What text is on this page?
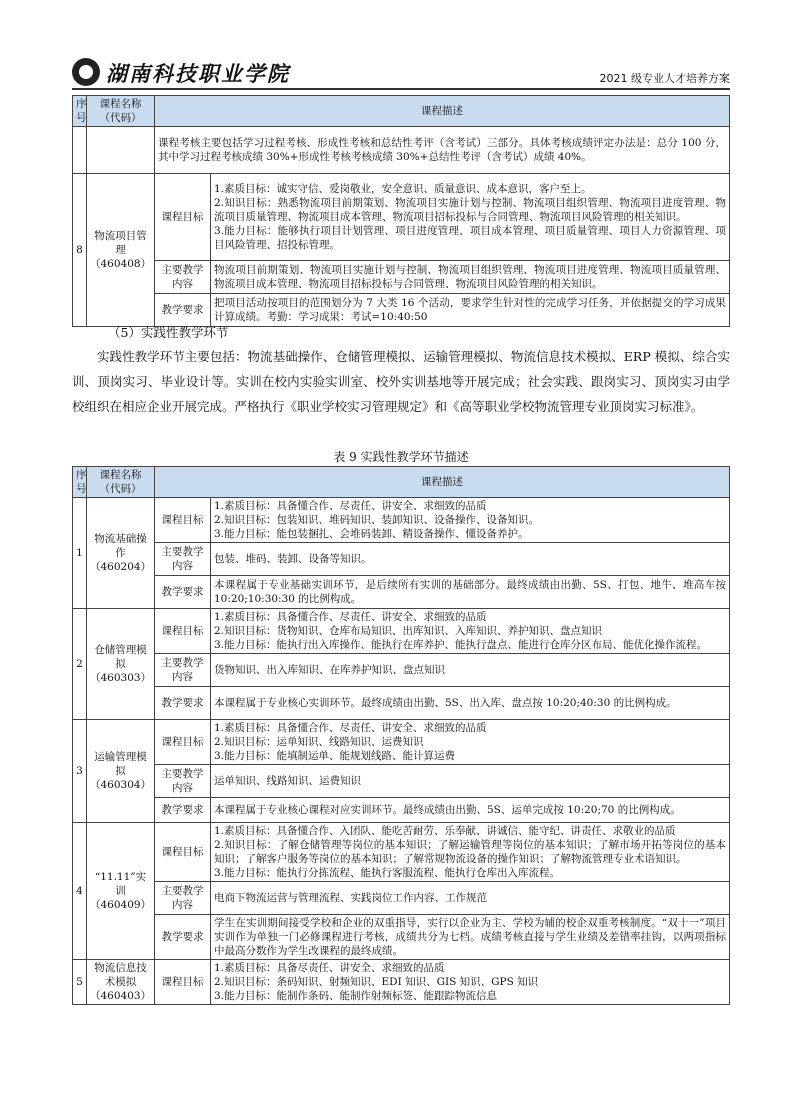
湖南科技职业学院	2021 级专业人才培养方案
序号	课程名称（代码）	课程描述	
		课程考核主要包括学习过程考核、形成性考核和总结性考评（含考试）三部分。具体考核成绩评定办法是：总分 100 分，其中学习过程考核成绩 30%+形成性考核考核成绩 30%+总结性考评（含考试）成绩 40%。	
8	物流项目管理（460408）	课程目标	1.素质目标：诚实守信、爱岗敬业，安全意识、质量意识、成本意识，客户至上。
2.知识目标：熟悉物流项目前期策划、物流项目实施计划与控制、物流项目组织管理、物流项目进度管理、物流项目质量管理、物流项目成本管理、物流项目招标投标与合同管理、物流项目风险管理的相关知识。
3.能力目标：能够执行项目计划管理、项目进度管理、项目成本管理、项目质量管理、项目人力资源管理、项目风险管理、招投标管理。

		主要教学内容	物流项目前期策划、物流项目实施计划与控制、物流项目组织管理、物流项目进度管理、物流项目质量管理、物流项目成本管理、物流项目招标投标与合同管理、物流项目风险管理的相关知识。
		教学要求	把项目活动按项目的范围划分为 7 大类 16 个活动，要求学生针对性的完成学习任务，并依据提交的学习成果计算成绩。考勤：学习成果：考试=10:40:50
（5）实践性教学环节
实践性教学环节主要包括：物流基础操作、仓储管理模拟、运输管理模拟、物流信息技术模拟、ERP 模拟、综合实训、顶岗实习、毕业设计等。实训在校内实验实训室、校外实训基地等开展完成；社会实践、跟岗实习、顶岗实习由学校组织在相应企业开展完成。严格执行《职业学校实习管理规定》和《高等职业学校物流管理专业顶岗实习标准》。
表 9 实践性教学环节描述
序号	课程名称（代码）	课程描述	
1	物流基础操作（460204）	课程目标	1.素质目标：具备懂合作、尽责任、讲安全、求细致的品质
2.知识目标：包装知识、堆码知识、装卸知识、设备操作、设备知识。
3.能力目标：能包装捆扎、会堆码装卸、精设备操作、懂设备养护。

		主要教学内容	包装、堆码、装卸、设备等知识。
		教学要求	本课程属于专业基础实训环节，是后续所有实训的基础部分。最终成绩由出勤、5S、打包、地牛、堆高车按 10:20;10:30:30 的比例构成。
2	仓储管理模拟（460303）	课程目标	1.素质目标：具备懂合作、尽责任、讲安全、求细致的品质
2.知识目标：货物知识、仓库布局知识、出库知识、入库知识、养护知识、盘点知识
3.能力目标：能执行出入库操作、能执行在库养护、能执行盘点、能进行仓库分区布局、能优化操作流程。

		主要教学内容	货物知识、出入库知识、在库养护知识、盘点知识
		教学要求	本课程属于专业核心实训环节。最终成绩由出勤、5S、出入库、盘点按 10:20;40:30 的比例构成。
3	运输管理模拟（460304）	课程目标	1.素质目标：具备懂合作、尽责任、讲安全、求细致的品质
2.知识目标：运单知识、线路知识、运费知识
3.能力目标：能填制运单、能规划线路、能计算运费

		主要教学内容	运单知识、线路知识、运费知识
		教学要求	本课程属于专业核心课程对应实训环节。最终成绩由出勤、5S、运单完成按 10:20;70 的比例构成。
4	“11.11”实训（460409）	课程目标	1.素质目标：具备懂合作、入团队、能吃苦耐劳、乐奉献、讲诚信、能守纪、讲责任、求敬业的品质
2.知识目标：了解仓储管理等岗位的基本知识；了解运输管理等岗位的基本知识；了解市场开拓等岗位的基本知识；了解客户服务等岗位的基本知识；了解常规物流设备的操作知识；了解物流管理专业术语知识。
3.能力目标：能执行分拣流程、能执行客服流程、能执行仓库出入库流程。

		主要教学内容	电商下物流运营与管理流程、实践岗位工作内容、工作规范
		教学要求	学生在实训期间接受学校和企业的双重指导，实行以企业为主、学校为辅的校企双重考核制度。“双十一”项目实训作为单独一门必修课程进行考核，成绩共分为七档。成绩考核直接与学生业绩及差错率挂钩，以两项指标中最高分数作为学生改课程的最终成绩。
5	物流信息技术模拟（460403）	课程目标	1.素质目标：具备尽责任、讲安全、求细致的品质
2.知识目标：条码知识、射频知识、EDI 知识、GIS 知识、GPS 知识
3.能力目标：能制作条码、能制作射频标签、能跟踪物流信息
